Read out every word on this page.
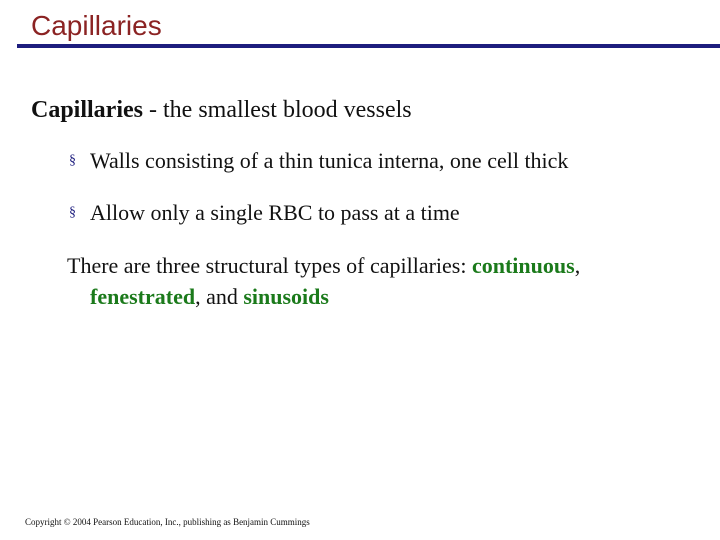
Capillaries
Capillaries - the smallest blood vessels
§ Walls consisting of a thin tunica interna, one cell thick
§ Allow only a single RBC to pass at a time
There are three structural types of capillaries: continuous,
fenestrated, and sinusoids
Copyright © 2004 Pearson Education, Inc., publishing as Benjamin Cummings
